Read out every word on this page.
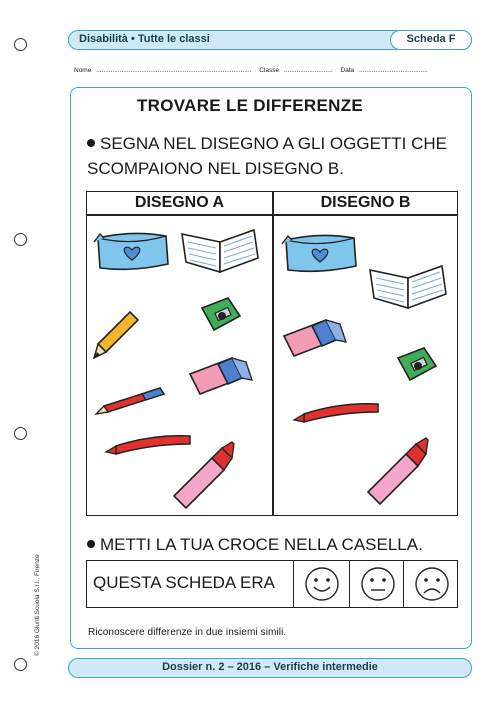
Disabilità • Tutte le classi	Scheda F
Nome ...................................................................................... Classe ........................... Data ......................................
TROVARE LE DIFFERENZE
SEGNA NEL DISEGNO A GLI OGGETTI CHE SCOMPAIONO NEL DISEGNO B.
DISEGNO A	DISEGNO B
METTI LA TUA CROCE NELLA CASELLA.
QUESTA SCHEDA ERA
Riconoscere differenze in due insiemi simili.
© 2016 Giunti Scuola S.r.l., Firenze
Dossier n. 2 – 2016 – Verifiche intermedie
